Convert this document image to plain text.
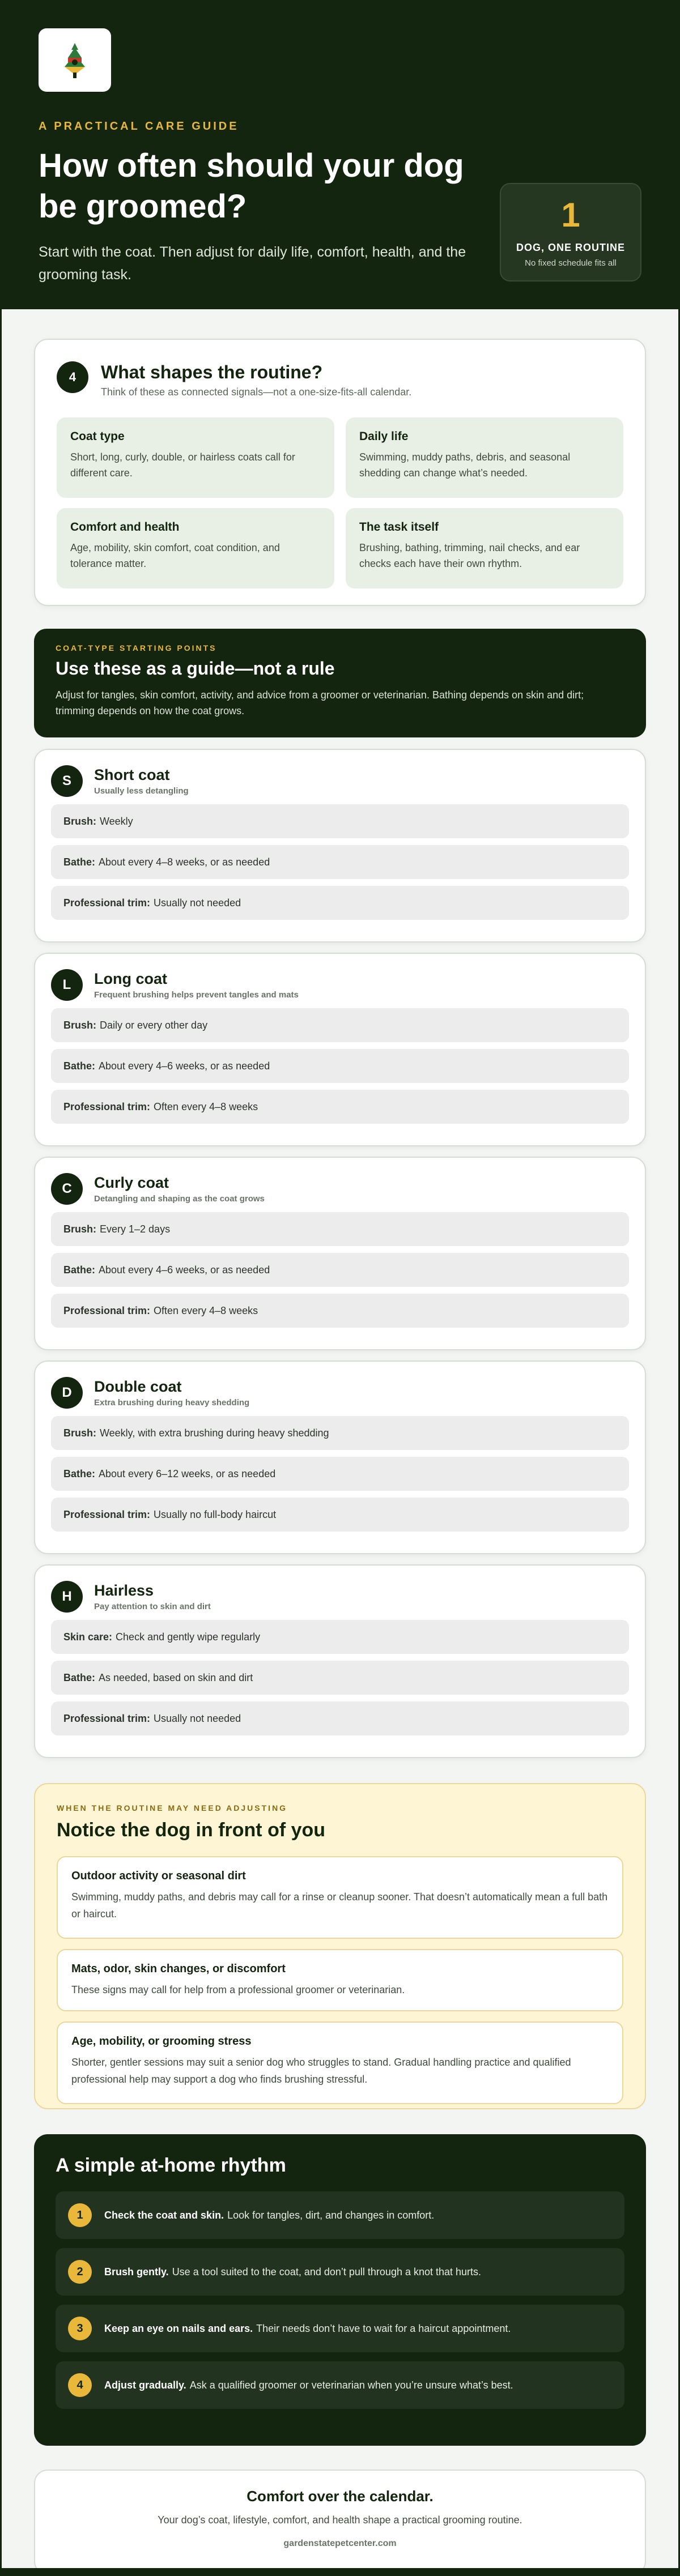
A PRACTICAL CARE GUIDE
How often should your dog be groomed?

Start with the coat. Then adjust for daily life, comfort, health, and the grooming task.

1
DOG, ONE ROUTINE
No fixed schedule fits all
4	What shapes the routine?
Think of these as connected signals—not a one-size-fits-all calendar.
Coat type
Short, long, curly, double, or hairless coats call for different care.
Daily life
Swimming, muddy paths, debris, and seasonal shedding can change what’s needed.
Comfort and health
Age, mobility, skin comfort, coat condition, and tolerance matter.
The task itself
Brushing, bathing, trimming, nail checks, and ear checks each have their own rhythm.
COAT-TYPE STARTING POINTS
Use these as a guide—not a rule
Adjust for tangles, skin comfort, activity, and advice from a groomer or veterinarian. Bathing depends on skin and dirt; trimming depends on how the coat grows.
S	Short coat
Usually less detangling
Brush: Weekly
Bathe: About every 4–8 weeks, or as needed
Professional trim: Usually not needed
L	Long coat
Frequent brushing helps prevent tangles and mats
Brush: Daily or every other day
Bathe: About every 4–6 weeks, or as needed
Professional trim: Often every 4–8 weeks
C	Curly coat
Detangling and shaping as the coat grows
Brush: Every 1–2 days
Bathe: About every 4–6 weeks, or as needed
Professional trim: Often every 4–8 weeks
D	Double coat
Extra brushing during heavy shedding
Brush: Weekly, with extra brushing during heavy shedding
Bathe: About every 6–12 weeks, or as needed
Professional trim: Usually no full-body haircut
H	Hairless
Pay attention to skin and dirt
Skin care: Check and gently wipe regularly
Bathe: As needed, based on skin and dirt
Professional trim: Usually not needed
WHEN THE ROUTINE MAY NEED ADJUSTING
Notice the dog in front of you
Outdoor activity or seasonal dirt
Swimming, muddy paths, and debris may call for a rinse or cleanup sooner. That doesn’t automatically mean a full bath or haircut.
Mats, odor, skin changes, or discomfort
These signs may call for help from a professional groomer or veterinarian.
Age, mobility, or grooming stress
Shorter, gentler sessions may suit a senior dog who struggles to stand. Gradual handling practice and qualified professional help may support a dog who finds brushing stressful.
A simple at-home rhythm
1	Check the coat and skin. Look for tangles, dirt, and changes in comfort.
2	Brush gently. Use a tool suited to the coat, and don’t pull through a knot that hurts.
3	Keep an eye on nails and ears. Their needs don’t have to wait for a haircut appointment.
4	Adjust gradually. Ask a qualified groomer or veterinarian when you’re unsure what’s best.
Comfort over the calendar.
Your dog’s coat, lifestyle, comfort, and health shape a practical grooming routine.
gardenstatepetcenter.com
